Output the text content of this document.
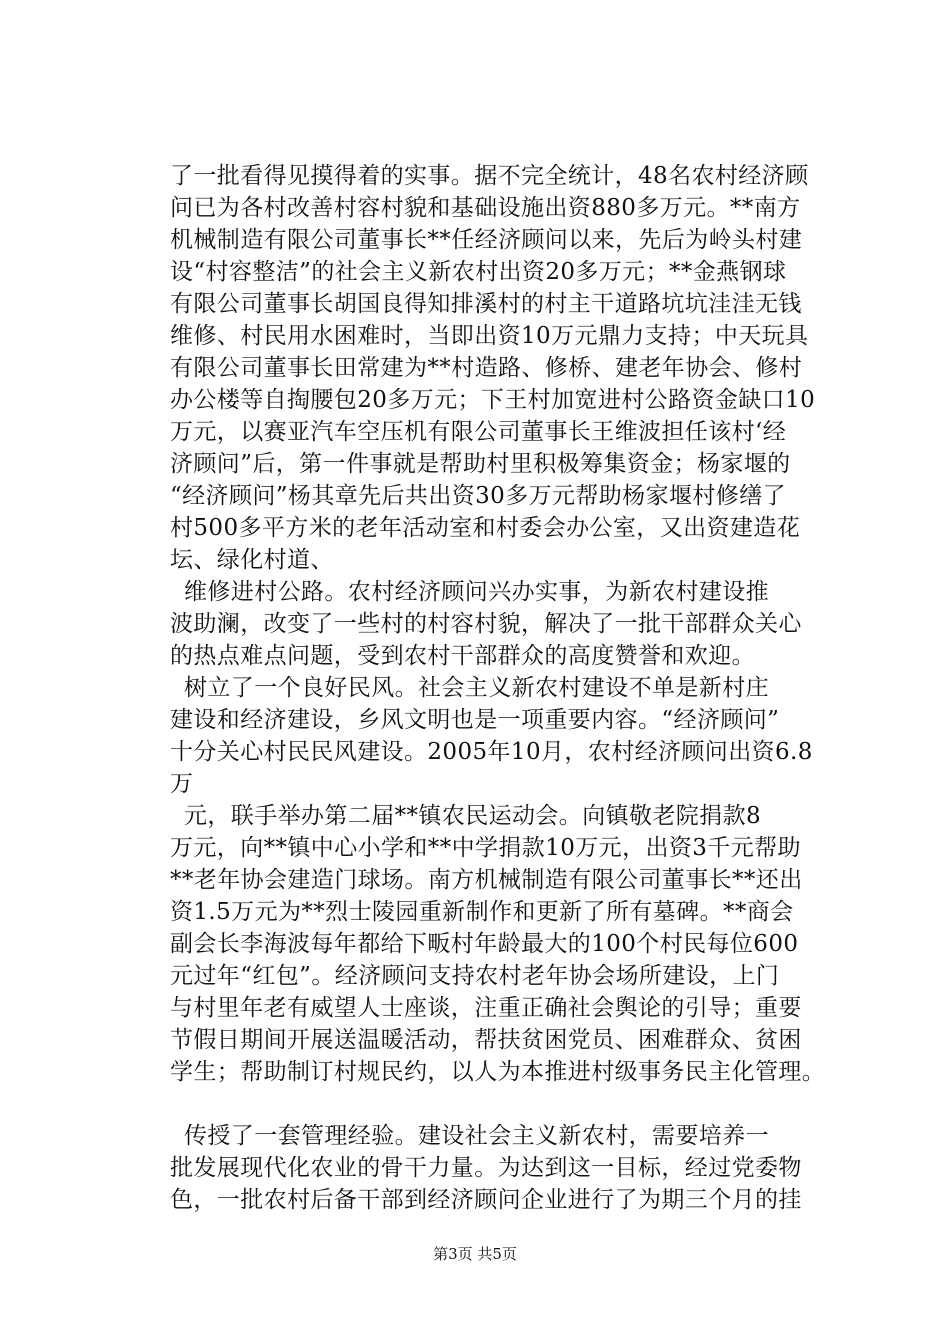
了一批看得见摸得着的实事。据不完全统计，48名农村经济顾
问已为各村改善村容村貌和基础设施出资880多万元。**南方
机械制造有限公司董事长**任经济顾问以来，先后为岭头村建
设“村容整洁”的社会主义新农村出资20多万元；**金燕钢球
有限公司董事长胡国良得知排溪村的村主干道路坑坑洼洼无钱
维修、村民用水困难时，当即出资10万元鼎力支持；中天玩具
有限公司董事长田常建为**村造路、修桥、建老年协会、修村
办公楼等自掏腰包20多万元；下王村加宽进村公路资金缺口10
万元，以赛亚汽车空压机有限公司董事长王维波担任该村‘经
济顾问”后，第一件事就是帮助村里积极筹集资金；杨家堰的
“经济顾问”杨其章先后共出资30多万元帮助杨家堰村修缮了
村500多平方米的老年活动室和村委会办公室，又出资建造花
坛、绿化村道、
维修进村公路。农村经济顾问兴办实事，为新农村建设推
波助澜，改变了一些村的村容村貌，解决了一批干部群众关心
的热点难点问题，受到农村干部群众的高度赞誉和欢迎。
树立了一个良好民风。社会主义新农村建设不单是新村庄
建设和经济建设，乡风文明也是一项重要内容。“经济顾问”
十分关心村民民风建设。2005年10月，农村经济顾问出资6.8
万
元，联手举办第二届**镇农民运动会。向镇敬老院捐款8
万元，向**镇中心小学和**中学捐款10万元，出资3千元帮助
**老年协会建造门球场。南方机械制造有限公司董事长**还出
资1.5万元为**烈士陵园重新制作和更新了所有墓碑。**商会
副会长李海波每年都给下畈村年龄最大的100个村民每位600
元过年“红包”。经济顾问支持农村老年协会场所建设，上门
与村里年老有威望人士座谈，注重正确社会舆论的引导；重要
节假日期间开展送温暖活动，帮扶贫困党员、困难群众、贫困
学生；帮助制订村规民约，以人为本推进村级事务民主化管理。
传授了一套管理经验。建设社会主义新农村，需要培养一
批发展现代化农业的骨干力量。为达到这一目标，经过党委物
色，一批农村后备干部到经济顾问企业进行了为期三个月的挂
第3页 共5页
